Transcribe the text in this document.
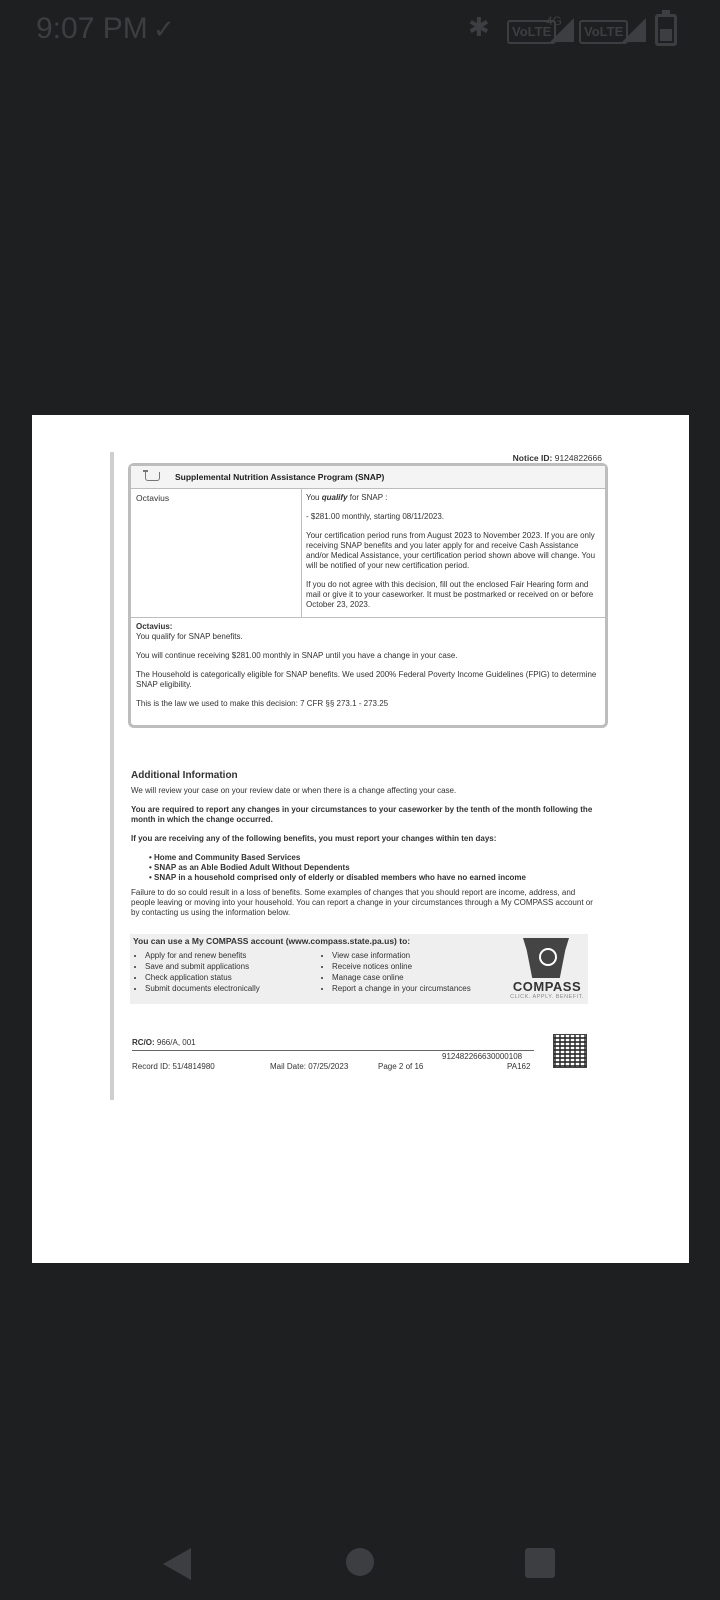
9:07 PM ✓	✱	VoLTE
4G
VoLTE
Notice ID: 9124822666
Supplemental Nutrition Assistance Program (SNAP)
Octavius	You qualify for SNAP :

- $281.00 monthly, starting 08/11/2023.

Your certification period runs from August 2023 to November 2023. If you are only receiving SNAP benefits and you later apply for and receive Cash Assistance and/or Medical Assistance, your certification period shown above will change. You will be notified of your new certification period.

If you do not agree with this decision, fill out the enclosed Fair Hearing form and mail or give it to your caseworker. It must be postmarked or received on or before October 23, 2023.

Octavius:

You qualify for SNAP benefits.

You will continue receiving $281.00 monthly in SNAP until you have a change in your case.

The Household is categorically eligible for SNAP benefits. We used 200% Federal Poverty Income Guidelines (FPIG) to determine SNAP eligibility.

This is the law we used to make this decision: 7 CFR §§ 273.1 - 273.25

Additional Information

We will review your case on your review date or when there is a change affecting your case.

You are required to report any changes in your circumstances to your caseworker by the tenth of the month following the month in which the change occurred.

If you are receiving any of the following benefits, you must report your changes within ten days:

• Home and Community Based Services
• SNAP as an Able Bodied Adult Without Dependents
• SNAP in a household comprised only of elderly or disabled members who have no earned income

Failure to do so could result in a loss of benefits. Some examples of changes that you should report are income, address, and people leaving or moving into your household. You can report a change in your circumstances through a My COMPASS account or by contacting us using the information below.

You can use a My COMPASS account (www.compass.state.pa.us) to:
• Apply for and renew benefits
• Save and submit applications
• Check application status
• Submit documents electronically
• View case information
• Receive notices online
• Manage case online
• Report a change in your circumstances	COMPASS
CLICK. APPLY. BENEFIT.
RC/O: 966/A, 001
912482266630000108
Record ID: 51/4814980	Mail Date: 07/25/2023	Page 2 of 16	PA162
